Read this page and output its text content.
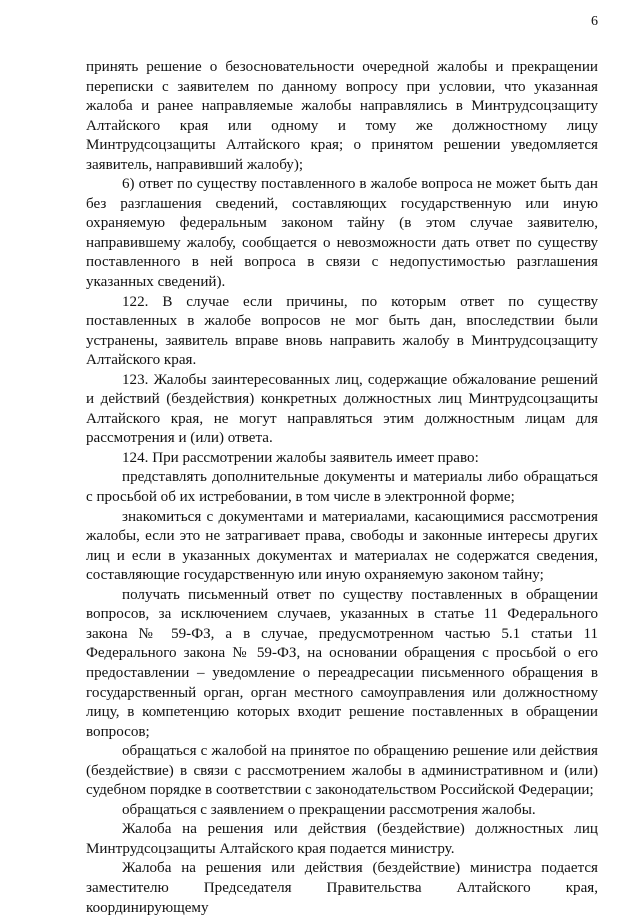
6

принять решение о безосновательности очередной жалобы и прекращении переписки с заявителем по данному вопросу при условии, что указанная жалоба и ранее направляемые жалобы направлялись в Минтрудсоцзащиту Алтайского края или одному и тому же должностному лицу Минтрудсоцзащиты Алтайского края; о принятом решении уведомляется заявитель, направивший жалобу);

6) ответ по существу поставленного в жалобе вопроса не может быть дан без разглашения сведений, составляющих государственную или иную охраняемую федеральным законом тайну (в этом случае заявителю, направившему жалобу, сообщается о невозможности дать ответ по существу поставленного в ней вопроса в связи с недопустимостью разглашения указанных сведений).

122. В случае если причины, по которым ответ по существу поставленных в жалобе вопросов не мог быть дан, впоследствии были устранены, заявитель вправе вновь направить жалобу в Минтрудсоцзащиту Алтайского края.

123. Жалобы заинтересованных лиц, содержащие обжалование решений и действий (бездействия) конкретных должностных лиц Минтрудсоцзащиты Алтайского края, не могут направляться этим должностным лицам для рассмотрения и (или) ответа.

124. При рассмотрении жалобы заявитель имеет право:

представлять дополнительные документы и материалы либо обращаться с просьбой об их истребовании, в том числе в электронной форме;

знакомиться с документами и материалами, касающимися рассмотрения жалобы, если это не затрагивает права, свободы и законные интересы других лиц и если в указанных документах и материалах не содержатся сведения, составляющие государственную или иную охраняемую законом тайну;

получать письменный ответ по существу поставленных в обращении вопросов, за исключением случаев, указанных в статье 11 Федерального закона № 59-ФЗ, а в случае, предусмотренном частью 5.1 статьи 11 Федерального закона № 59-ФЗ, на основании обращения с просьбой о его предоставлении – уведомление о переадресации письменного обращения в государственный орган, орган местного самоуправления или должностному лицу, в компетенцию которых входит решение поставленных в обращении вопросов;

обращаться с жалобой на принятое по обращению решение или действия (бездействие) в связи с рассмотрением жалобы в административном и (или) судебном порядке в соответствии с законодательством Российской Федерации;

обращаться с заявлением о прекращении рассмотрения жалобы.

Жалоба на решения или действия (бездействие) должностных лиц Минтрудсоцзащиты Алтайского края подается министру.

Жалоба на решения или действия (бездействие) министра подается заместителю Председателя Правительства Алтайского края, координирующему
